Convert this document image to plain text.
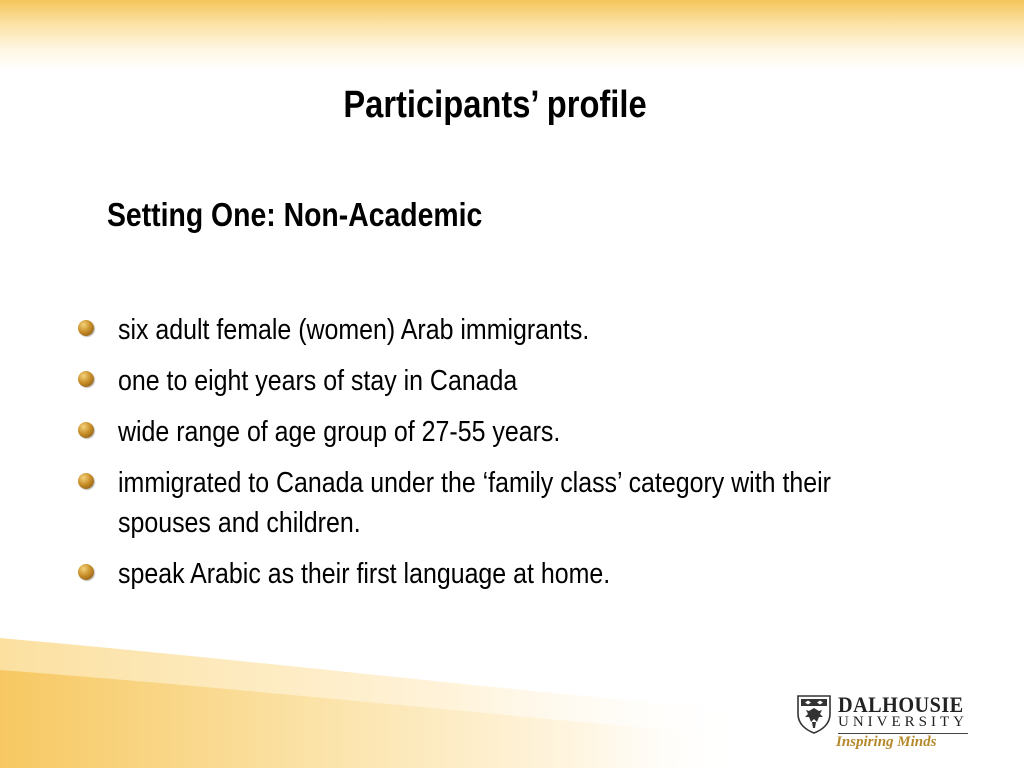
Participants’ profile
Setting One: Non-Academic
six adult female (women) Arab immigrants.
one to eight years of stay in Canada
wide range of age group of 27-55 years.
immigrated to Canada under the ‘family class’ category with their spouses and children.
speak Arabic as their first language at home.
DALHOUSIE
UNIVERSITY
Inspiring Minds
